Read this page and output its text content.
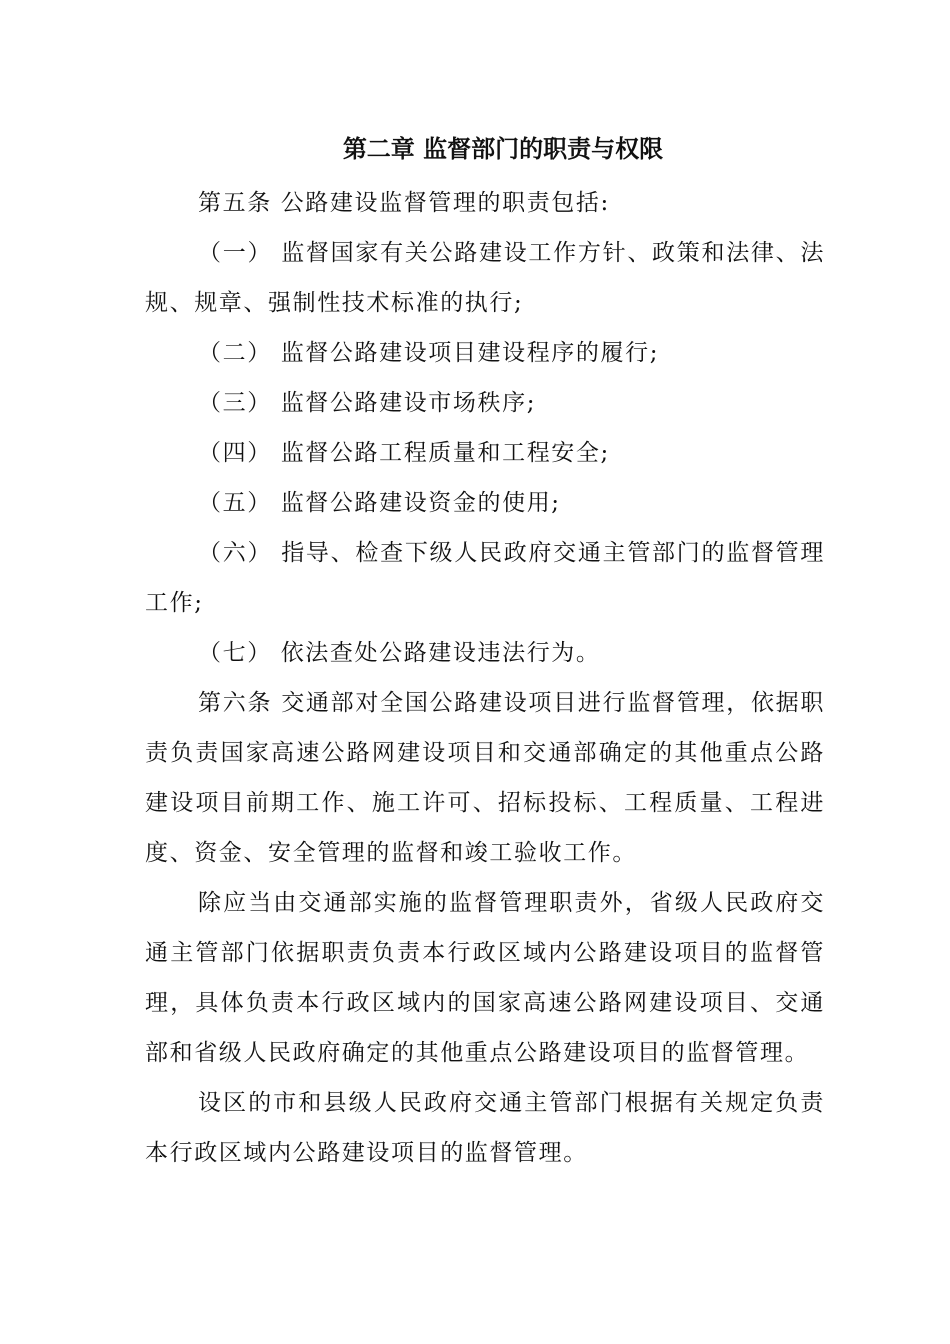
第二章 监督部门的职责与权限

第五条 公路建设监督管理的职责包括:

（一） 监督国家有关公路建设工作方针、政策和法律、法规、规章、强制性技术标准的执行;

（二） 监督公路建设项目建设程序的履行;

（三） 监督公路建设市场秩序;

（四） 监督公路工程质量和工程安全;

（五） 监督公路建设资金的使用;

（六） 指导、检查下级人民政府交通主管部门的监督管理工作;

（七） 依法查处公路建设违法行为。

第六条 交通部对全国公路建设项目进行监督管理，依据职责负责国家高速公路网建设项目和交通部确定的其他重点公路建设项目前期工作、施工许可、招标投标、工程质量、工程进度、资金、安全管理的监督和竣工验收工作。

除应当由交通部实施的监督管理职责外，省级人民政府交通主管部门依据职责负责本行政区域内公路建设项目的监督管理，具体负责本行政区域内的国家高速公路网建设项目、交通部和省级人民政府确定的其他重点公路建设项目的监督管理。

设区的市和县级人民政府交通主管部门根据有关规定负责本行政区域内公路建设项目的监督管理。
